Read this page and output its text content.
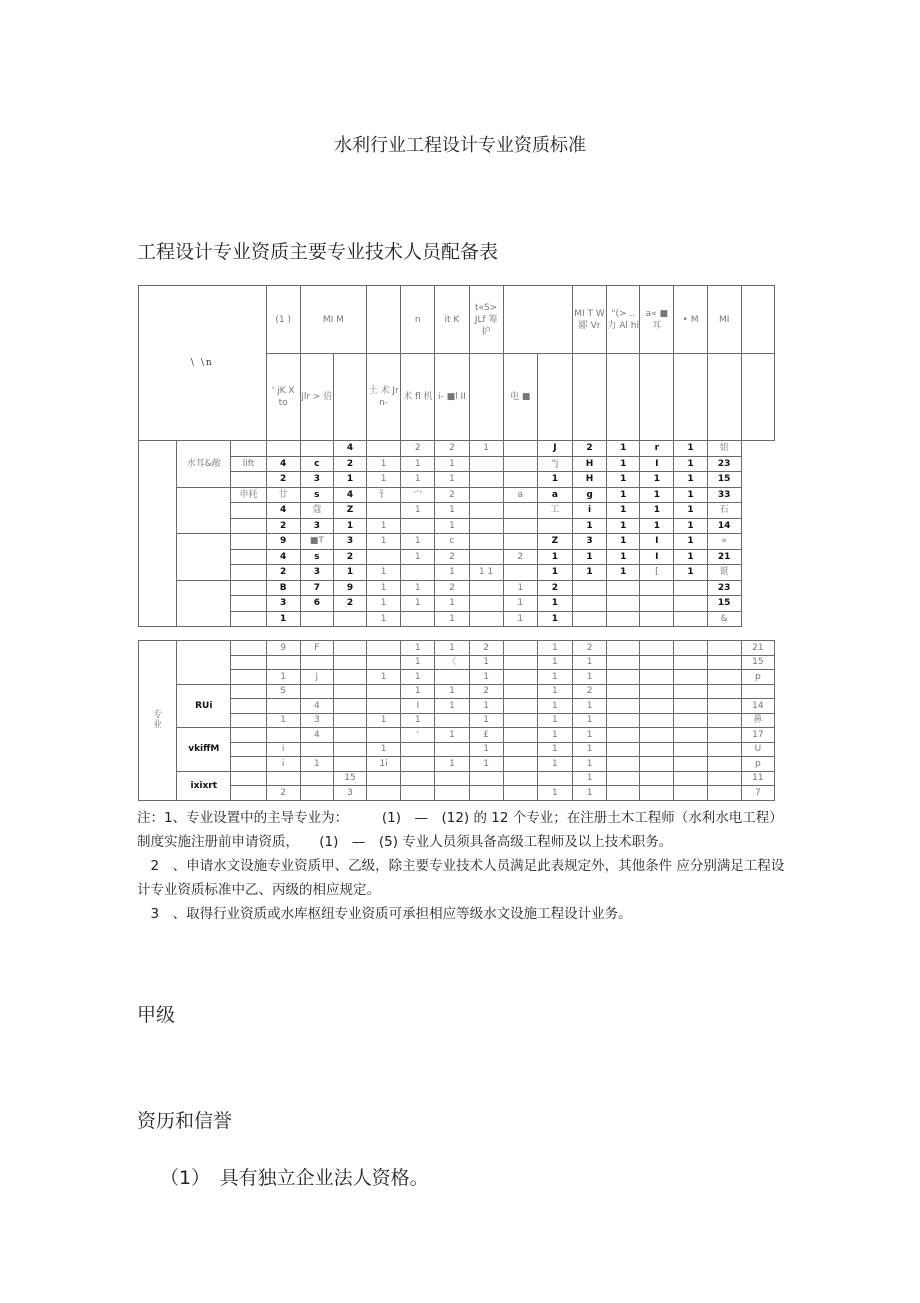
水利行业工程设计专业资质标准
工程设计专业资质主要专业技术人员配备表
\ \n			(1 )	MI M			n	it K	t«S> JLf 筹 护			MI T W 郾 Vr	"(> .. 力 Al hi	a« ■ 耳	• M	MI	
			' jK X to	jlr > 倍		土 术 Jr n-	术 fl 机	i- ■l II		电 ■							
	水耳&敞				4		2	2	1		J	2	1	r	1	姐	
		lift	4	c	2	1	1	1			"j	H	1	I	1	23	
			2	3	1	1	1	1			1	H	1	1	1	15	
		申耗	廿	s	4	钅	宀	2		a	a	g	1	1	1	33	
			4	蔻	Z		1	1			工	i	1	1	1	石	
			2	3	1	1		1				1	1	1	1	14	
			9	■T	3	1	1	c			Z	3	1	I	1	»	
			4	s	2		1	2		2	1	1	1	I	1	21	
			2	3	1	1		1	1 1		1	1	1	[	1	诞	
			B	7	9	1	1	2		1	2					23	
			3	6	2	1	1	1		1	1					15	
			1			1		1		1	1					&	
专
业			9	F			1	1	2		1	2					21
							1	〈	1		1	1					15
			1	j		1	1		1		1	1					p
	RUi		S				1	1	2		1	2					
				4			I	1	1		1	1					14
			1	3		1	1		1		1	1					鼻
	vkiffM			4			'	1	£		1	1					17
			i			1			1		1	1					U
			i	1		1i		1	1		1	1					p
	ixixrt				15							1					11
			2		3						1	1					7

注：1、专业设置中的主导专业为：　　　(1)　—　(12) 的 12 个专业；在注册土木工程师（水利水电工程）制度实施注册前申请资质，　　(1)　—　(5) 专业人员须具备高级工程师及以上技术职务。

　2　、申请水文设施专业资质甲、乙级，除主要专业技术人员满足此表规定外，其他条件 应分别满足工程设计专业资质标准中乙、丙级的相应规定。

　3　、取得行业资质或水库枢纽专业资质可承担相应等级水文设施工程设计业务。

甲级
资历和信誉
（1）　具有独立企业法人资格。
